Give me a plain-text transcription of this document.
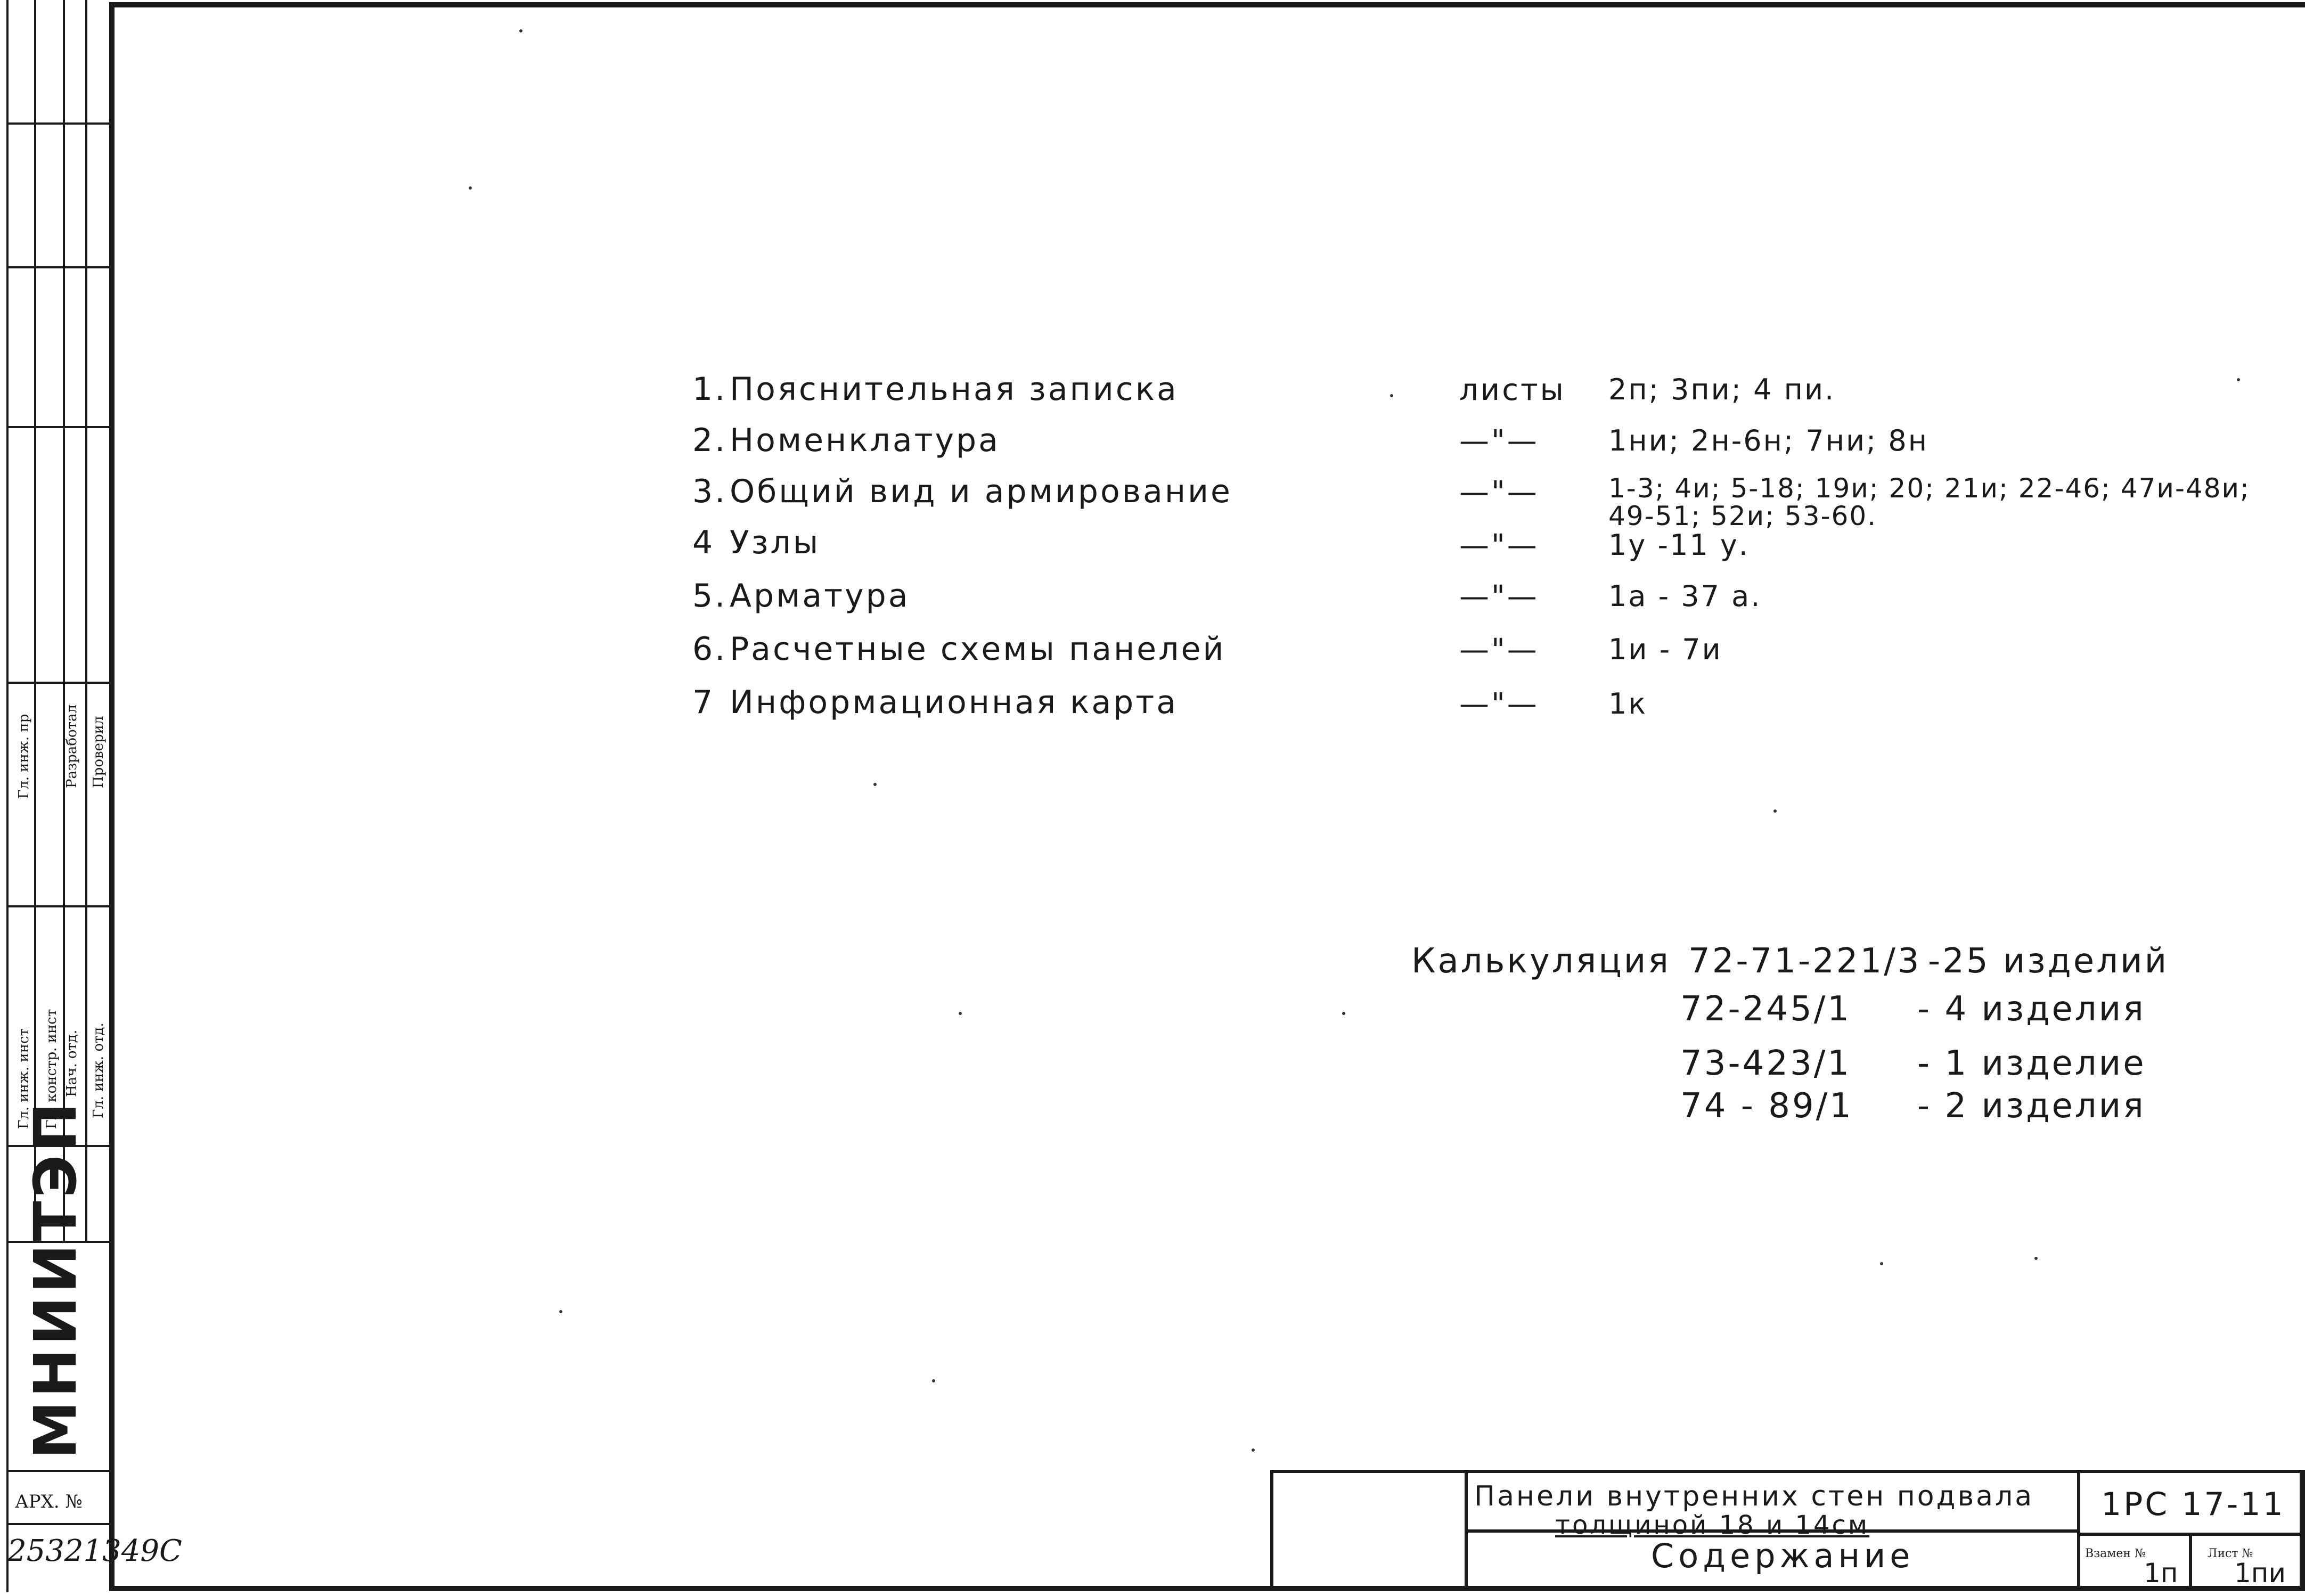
Гл. инж. пр Разработал Проверил
Гл. инж. инст Гл. констр. инст Нач. отд. Гл. инж. отд.
МНИИТЭП
АРХ. №
25321349С
1.Пояснительная записка	листы 2п; 3пи; 4 пи.
2.Номенклатура	—"— 1ни; 2н-6н; 7ни; 8н
3.Общий вид и армирование	—"—	1-3; 4и; 5-18; 19и; 20; 21и; 22-46; 47и-48и;
49-51; 52и; 53-60.
4 Узлы	—"— 1у -11 у.
5.Арматура	—"— 1а - 37 а.
6.Расчетные схемы панелей	—"— 1и - 7и
7 Информационная карта	—"— 1к
Калькуляция 72-71-221/3 -25 изделий
72-245/1 - 4 изделия
73-423/1 - 1 изделие
74 - 89/1 - 2 изделия
Панели внутренних стен подвала
толщиной 18 и 14см
Содержание
1РС 17-11
Взамен №
1п
Лист №
1пи
